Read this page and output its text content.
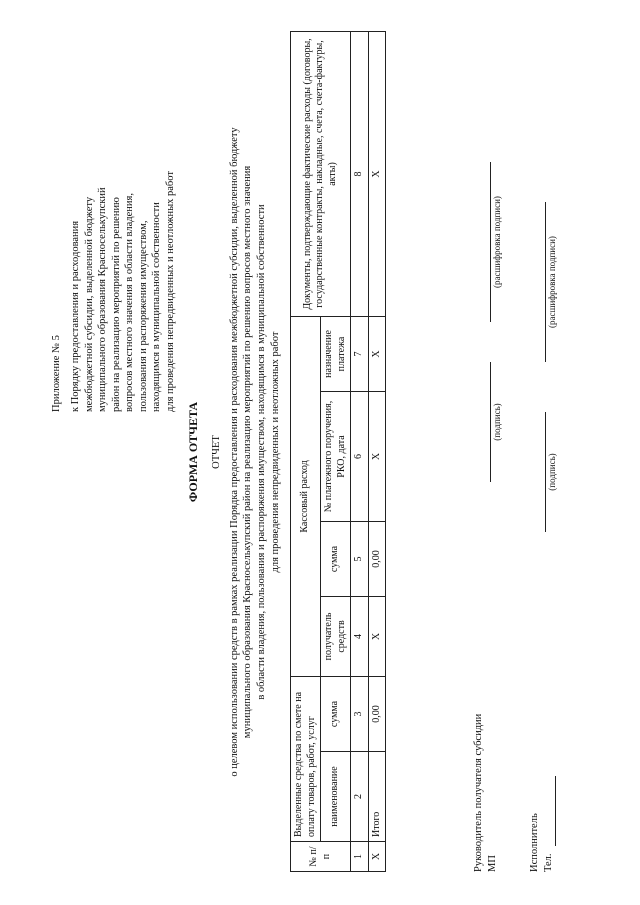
Приложение № 5 к Порядку предоставления и расходования межбюджетной субсидии, выделенной бюджету муниципального образования Красноселькупский район на реализацию мероприятий по решению вопросов местного значения в области владения, пользования и распоряжения имуществом, находящимся в муниципальной собственности для проведения непредвиденных и неотложных работ
ФОРМА ОТЧЕТА ОТЧЕТ о целевом использовании средств в рамках реализации Порядка предоставления и расходования межбюджетной субсидии, выделенной бюджету муниципального образования Красноселькупский район на реализацию мероприятий по решению вопросов местного значения в области владения, пользования и распоряжения имуществом, находящимся в муниципальной собственности для проведения непредвиденных и неотложных работ
№ п/п	Выделенные средства по смете на оплату товаров, работ, услуг		Кассовый расход				Документы, подтверждающие фактические расходы (договоры, государственные контракты, накладные, счета, счета-фактуры, акты)
	наименование	сумма	получатель средств	сумма	№ платежного поручения, РКО, дата	назначение платежа	
1	2	3	4	5	6	7	8
Х	Итого	0,00	Х	0,00	Х	Х	Х
Руководитель получателя субсидии МП
(подпись)
(расшифровка подписи)
Исполнитель Тел.
(подпись)
(расшифровка подписи)
